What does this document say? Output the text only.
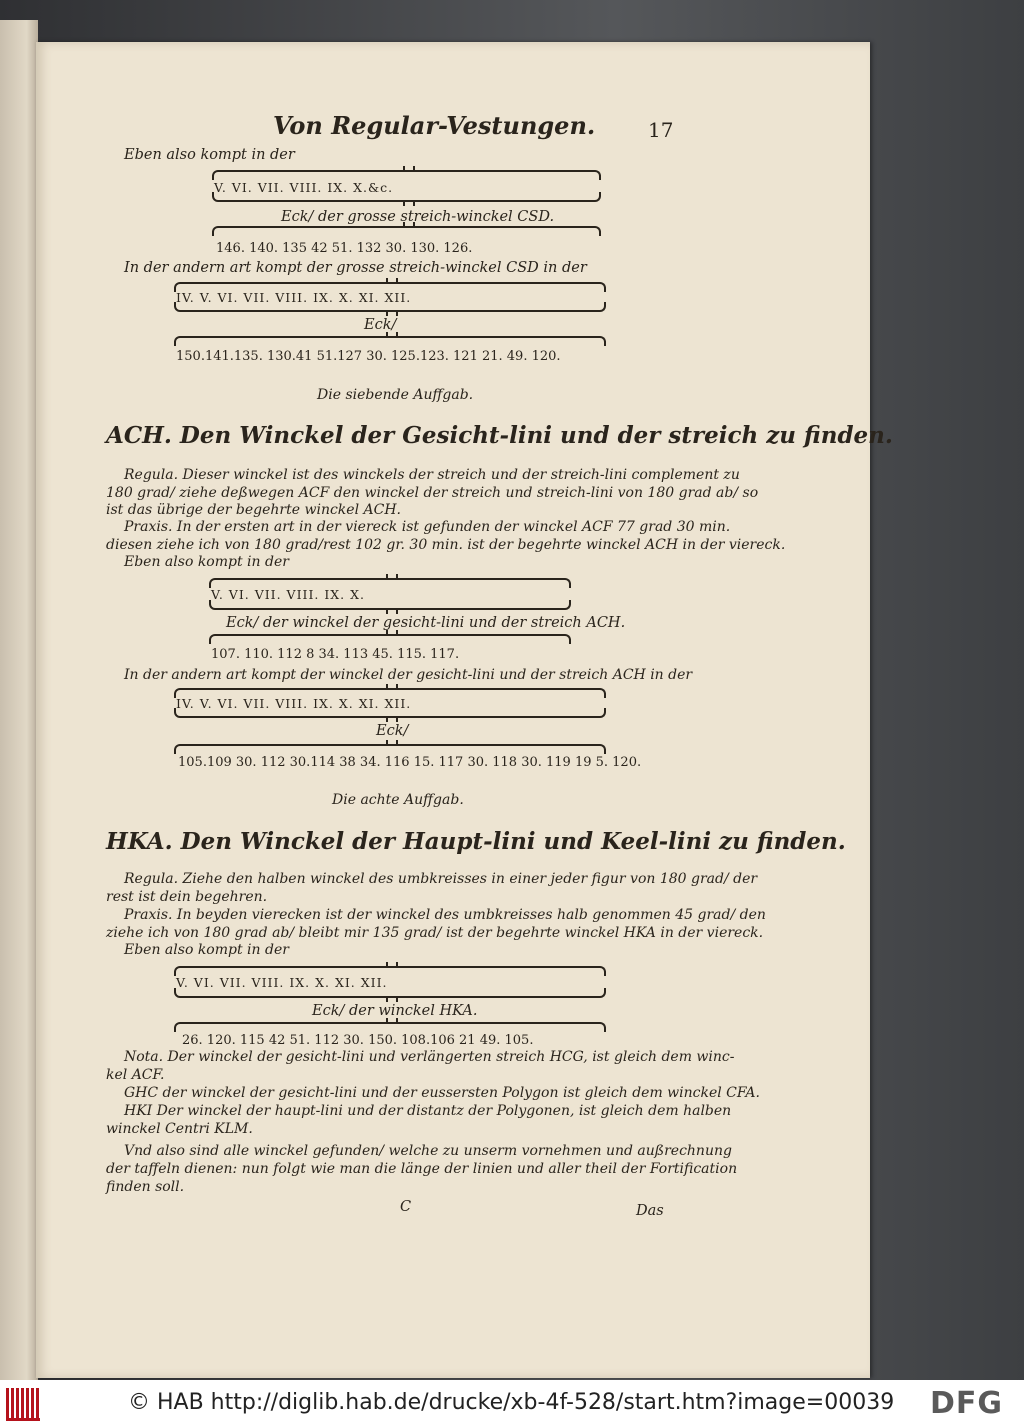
Von Regular-Vestungen.	17
Eben also kompt in der
V. VI. VII. VIII. IX. X.&c.
Eck/ der grosse streich-winckel CSD.
146. 140. 135 42 51. 132 30. 130. 126.
In der andern art kompt der grosse streich-winckel CSD in der
IV. V. VI. VII. VIII. IX. X. XI. XII.
Eck/
150.141.135. 130.41 51.127 30. 125.123. 121 21. 49. 120.
Die siebende Auffgab.
ACH. Den Winckel der Gesicht-lini und der streich zu finden.
Regula. Dieser winckel ist des winckels der streich und der streich-lini complement zu
180 grad/ ziehe deßwegen ACF den winckel der streich und streich-lini von 180 grad ab/ so
ist das übrige der begehrte winckel ACH.
Praxis. In der ersten art in der viereck ist gefunden der winckel ACF 77 grad 30 min.
diesen ziehe ich von 180 grad/rest 102 gr. 30 min. ist der begehrte winckel ACH in der viereck.
Eben also kompt in der
V. VI. VII. VIII. IX. X.
Eck/ der winckel der gesicht-lini und der streich ACH.
107. 110. 112 8 34. 113 45. 115. 117.
In der andern art kompt der winckel der gesicht-lini und der streich ACH in der
IV. V. VI. VII. VIII. IX. X. XI. XII.
Eck/
105.109 30. 112 30.114 38 34. 116 15. 117 30. 118 30. 119 19 5. 120.
Die achte Auffgab.
HKA. Den Winckel der Haupt-lini und Keel-lini zu finden.
Regula. Ziehe den halben winckel des umbkreisses in einer jeder figur von 180 grad/ der
rest ist dein begehren.
Praxis. In beyden vierecken ist der winckel des umbkreisses halb genommen 45 grad/ den
ziehe ich von 180 grad ab/ bleibt mir 135 grad/ ist der begehrte winckel HKA in der viereck.
Eben also kompt in der
V. VI. VII. VIII. IX. X. XI. XII.
Eck/ der winckel HKA.
26. 120. 115 42 51. 112 30. 150. 108.106 21 49. 105.
Nota. Der winckel der gesicht-lini und verlängerten streich HCG, ist gleich dem winc-
kel ACF.
GHC der winckel der gesicht-lini und der eussersten Polygon ist gleich dem winckel CFA.
HKI Der winckel der haupt-lini und der distantz der Polygonen, ist gleich dem halben
winckel Centri KLM.
Vnd also sind alle winckel gefunden/ welche zu unserm vornehmen und außrechnung
der taffeln dienen: nun folgt wie man die länge der linien und aller theil der Fortification
finden soll.
C	Das
© HAB http://diglib.hab.de/drucke/xb-4f-528/start.htm?image=00039 DFG
